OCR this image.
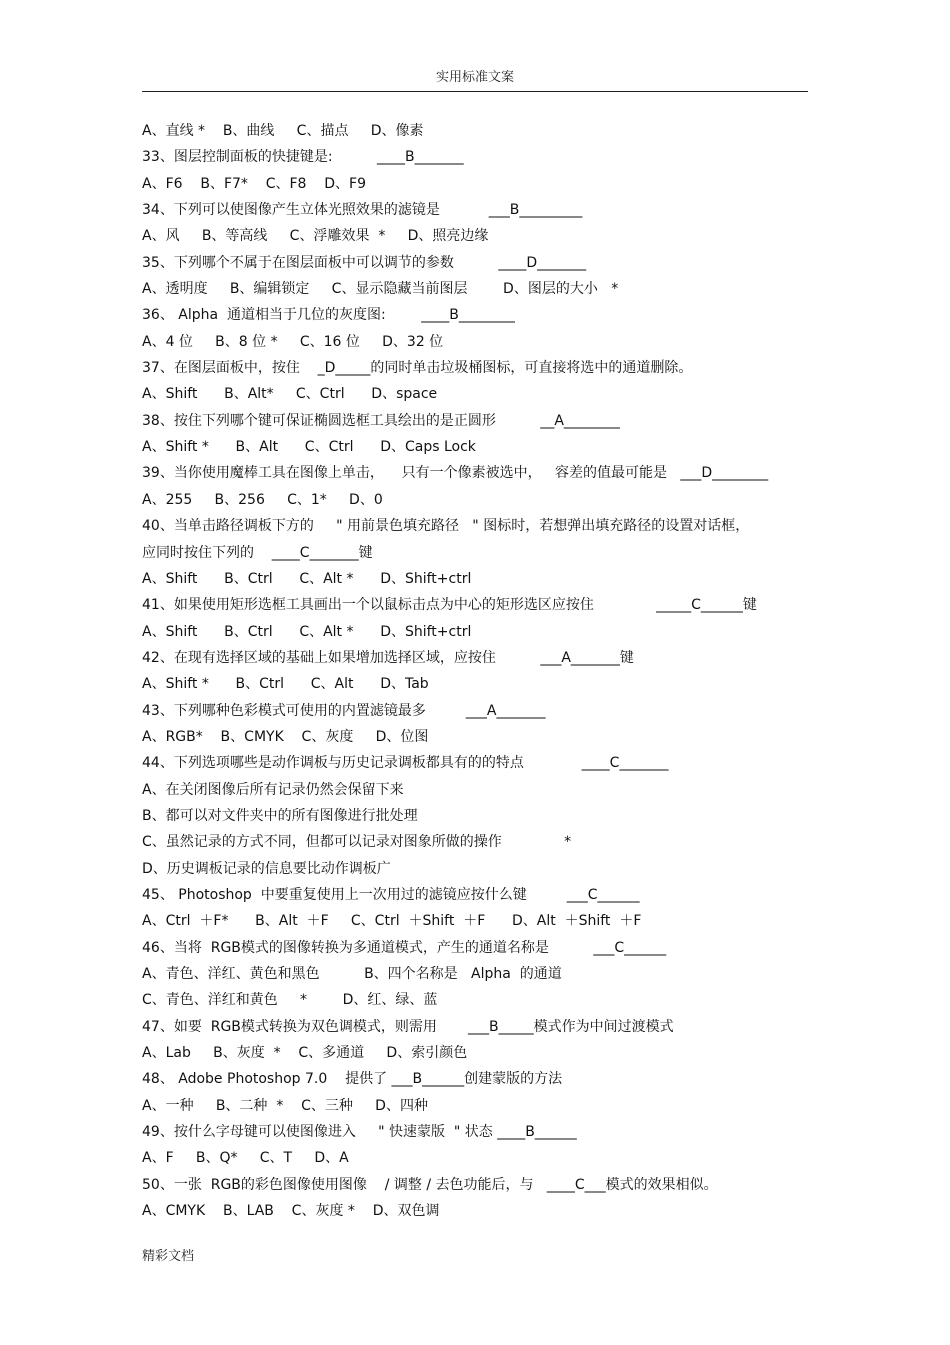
实用标准文案
A、直线 *    B、曲线     C、描点     D、像素
33、图层控制面板的快捷键是:          ____B_______
A、F6    B、F7*    C、F8    D、F9
34、下列可以使图像产生立体光照效果的滤镜是           ___B_________
A、风     B、等高线     C、浮雕效果  *     D、照亮边缘
35、下列哪个不属于在图层面板中可以调节的参数          ____D_______
A、透明度     B、编辑锁定     C、显示隐藏当前图层        D、图层的大小   *
36、 Alpha  通道相当于几位的灰度图:        ____B________
A、4 位     B、8 位 *     C、16 位     D、32 位
37、在图层面板中，按住    _D_____的同时单击垃圾桶图标，可直接将选中的通道删除。
A、Shift      B、Alt*     C、Ctrl      D、space
38、按住下列哪个键可保证椭圆选框工具绘出的是正圆形          __A________
A、Shift *      B、Alt      C、Ctrl      D、Caps Lock
39、当你使用魔棒工具在图像上单击，    只有一个像素被选中，   容差的值最可能是   ___D________
A、255     B、256     C、1*     D、0
40、当单击路径调板下方的     " 用前景色填充路径   " 图标时，若想弹出填充路径的设置对话框，
应同时按住下列的    ____C_______键
A、Shift      B、Ctrl      C、Alt *      D、Shift+ctrl
41、如果使用矩形选框工具画出一个以鼠标击点为中心的矩形选区应按住              _____C______键
A、Shift      B、Ctrl      C、Alt *      D、Shift+ctrl
42、在现有选择区域的基础上如果增加选择区域，应按住          ___A_______键
A、Shift *      B、Ctrl      C、Alt      D、Tab
43、下列哪种色彩模式可使用的内置滤镜最多         ___A_______
A、RGB*    B、CMYK    C、灰度     D、位图
44、下列选项哪些是动作调板与历史记录调板都具有的的特点             ____C_______
A、在关闭图像后所有记录仍然会保留下来
B、都可以对文件夹中的所有图像进行批处理
C、虽然记录的方式不同，但都可以记录对图象所做的操作              *
D、历史调板记录的信息要比动作调板广
45、 Photoshop  中要重复使用上一次用过的滤镜应按什么键         ___C______
A、Ctrl  ＋F*      B、Alt  ＋F     C、Ctrl  ＋Shift  ＋F      D、Alt  ＋Shift  ＋F
46、当将  RGB模式的图像转换为多通道模式，产生的通道名称是          ___C______
A、青色、洋红、黄色和黑色          B、四个名称是   Alpha  的通道
C、青色、洋红和黄色     *        D、红、绿、蓝
47、如要  RGB模式转换为双色调模式，则需用       ___B_____模式作为中间过渡模式
A、Lab     B、灰度  *    C、多通道     D、索引颜色
48、 Adobe Photoshop 7.0    提供了 ___B______创建蒙版的方法
A、一种     B、二种  *    C、三种     D、四种
49、按什么字母键可以使图像进入     " 快速蒙版  " 状态 ____B______
A、F     B、Q*     C、T     D、A
50、一张  RGB的彩色图像使用图像    / 调整 / 去色功能后，与   ____C___模式的效果相似。
A、CMYK    B、LAB    C、灰度 *    D、双色调
精彩文档
